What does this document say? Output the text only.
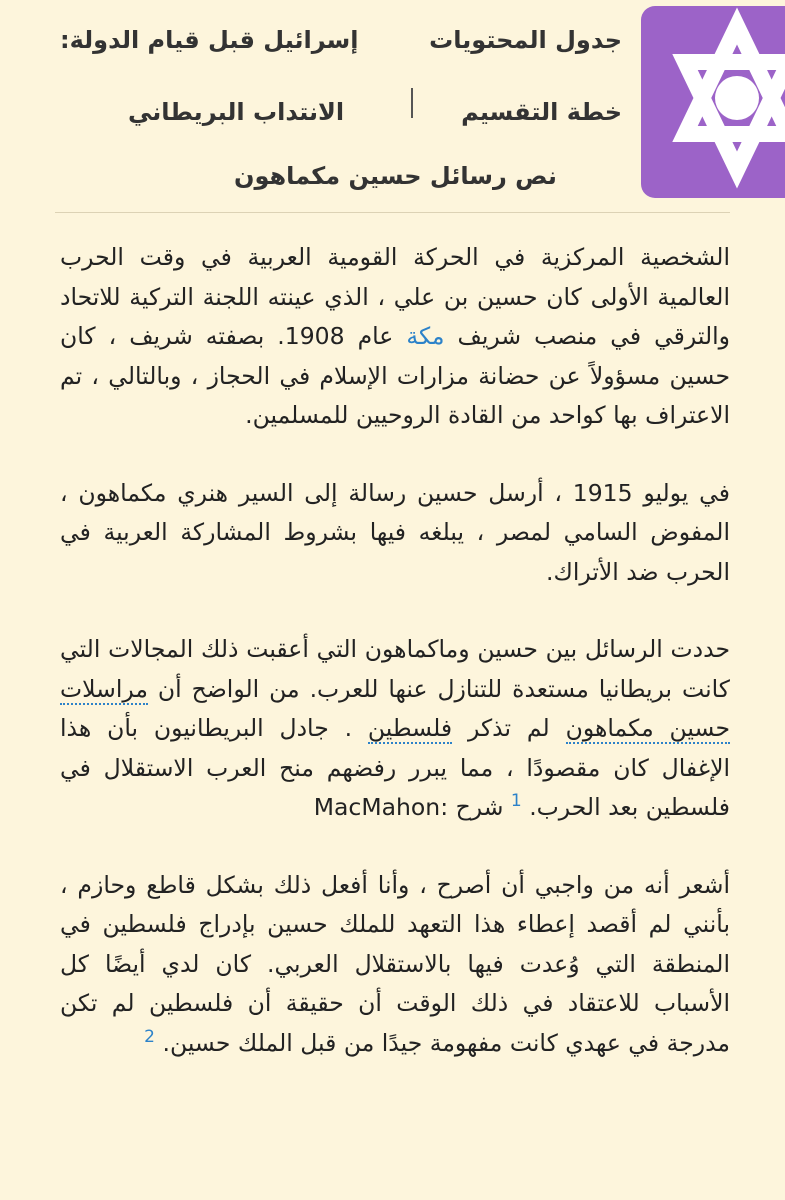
جدول المحتويات
إسرائيل قبل قيام الدولة:
خطة التقسيم
الانتداب البريطاني
نص رسائل حسين مكماهون

الشخصية المركزية في الحركة القومية العربية في وقت الحرب العالمية الأولى كان حسين بن علي ، الذي عينته اللجنة التركية للاتحاد والترقي في منصب شريف مكة عام 1908. بصفته شريف ، كان حسين مسؤولاً عن حضانة مزارات الإسلام في الحجاز ، وبالتالي ، تم الاعتراف بها كواحد من القادة الروحيين للمسلمين.

في يوليو 1915 ، أرسل حسين رسالة إلى السير هنري مكماهون ، المفوض السامي لمصر ، يبلغه فيها بشروط المشاركة العربية في الحرب ضد الأتراك.

حددت الرسائل بين حسين وماكماهون التي أعقبت ذلك المجالات التي كانت بريطانيا مستعدة للتنازل عنها للعرب. من الواضح أن مراسلات حسين مكماهون لم تذكر فلسطين . جادل البريطانيون بأن هذا الإغفال كان مقصودًا ، مما يبرر رفضهم منح العرب الاستقلال في فلسطين بعد الحرب. $^1$ شرح MacMahon:

أشعر أنه من واجبي أن أصرح ، وأنا أفعل ذلك بشكل قاطع وحازم ، بأنني لم أقصد إعطاء هذا التعهد للملك حسين بإدراج فلسطين في المنطقة التي وُعدت فيها بالاستقلال العربي. كان لدي أيضًا كل الأسباب للاعتقاد في ذلك الوقت أن حقيقة أن فلسطين لم تكن مدرجة في عهدي كانت مفهومة جيدًا من قبل الملك حسين. $^2$
